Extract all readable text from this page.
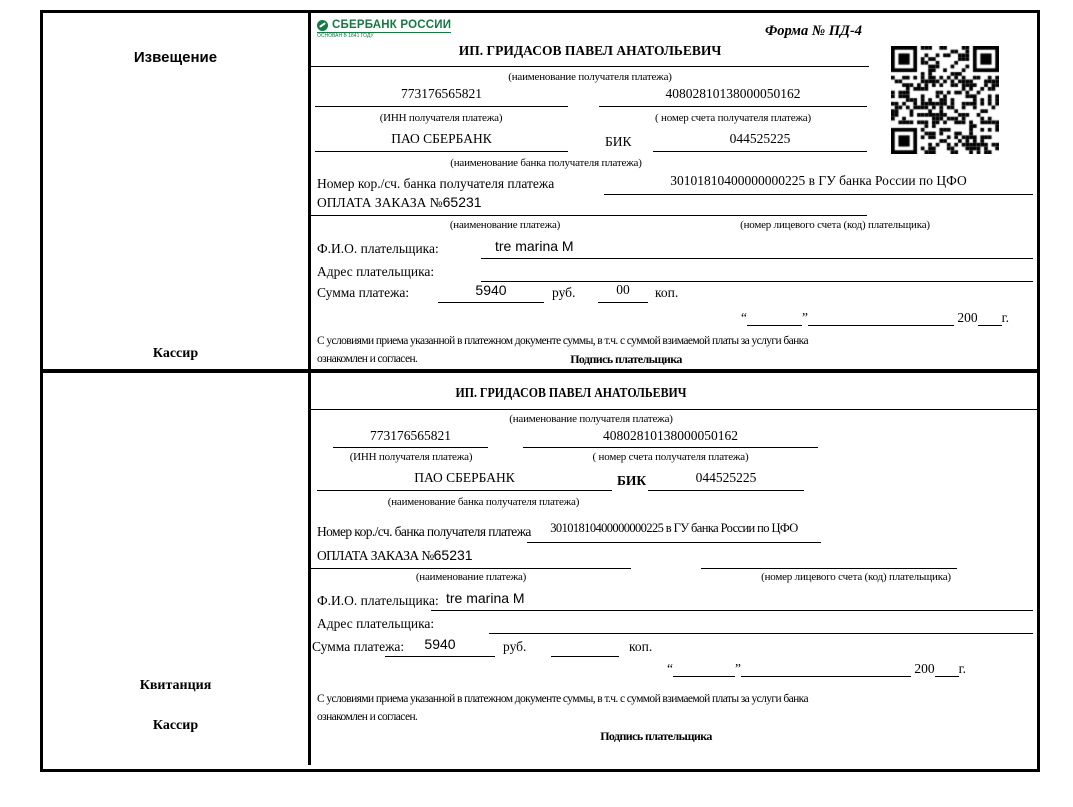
Извещение
Кассир
СБЕРБАНК РОССИИ
ОСНОВАН В 1841 ГОДУ	Форма № ПД-4
ИП. ГРИДАСОВ ПАВЕЛ АНАТОЛЬЕВИЧ
(наименование получателя платежа)
773176565821	40802810138000050162
(ИНН получателя платежа)	( номер счета получателя платежа)
ПАО СБЕРБАНК	БИК	044525225
(наименование банка получателя платежа)
Номер кор./сч. банка получателя платежа	30101810400000000225 в ГУ банка России по ЦФО
ОПЛАТА ЗАКАЗА №65231
(наименование платежа)	(номер лицевого счета (код) плательщика)
Ф.И.О. плательщика:	tre marina M
Адрес плательщика:
Сумма платежа:	5940	руб.	00	коп.
“	”	200 г.
С условиями приема указанной в платежном документе суммы, в т.ч. с суммой взимаемой платы за услуги банка
ознакомлен и согласен.	Подпись плательщика
Квитанция
Кассир
ИП. ГРИДАСОВ ПАВЕЛ АНАТОЛЬЕВИЧ
(наименование получателя платежа)
773176565821	40802810138000050162
(ИНН получателя платежа)	( номер счета получателя платежа)
ПАО СБЕРБАНК	БИК	044525225
(наименование банка получателя платежа)
Номер кор./сч. банка получателя платежа	30101810400000000225 в ГУ банка России по ЦФО
ОПЛАТА ЗАКАЗА №65231
(наименование платежа)	(номер лицевого счета (код) плательщика)
Ф.И.О. плательщика: tre marina M
Адрес плательщика:
Сумма платежа:	5940	руб.	коп.
“	”	200 г.
С условиями приема указанной в платежном документе суммы, в т.ч. с суммой взимаемой платы за услуги банка
ознакомлен и согласен.
Подпись плательщика
